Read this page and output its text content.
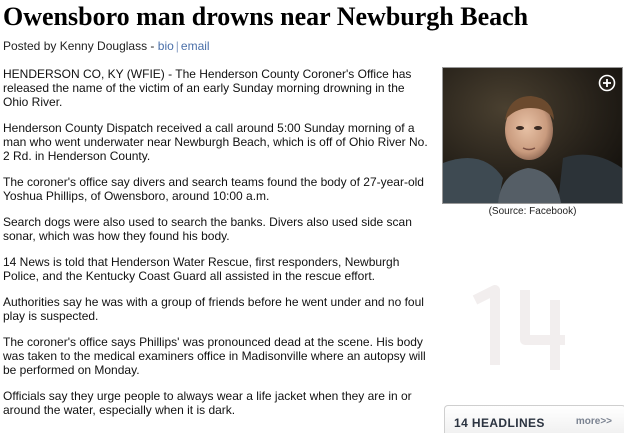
Owensboro man drowns near Newburgh Beach
Posted by Kenny Douglass - bio | email

HENDERSON CO, KY (WFIE) - The Henderson County Coroner's Office has released the name of the victim of an early Sunday morning drowning in the Ohio River.

Henderson County Dispatch received a call around 5:00 Sunday morning of a man who went underwater near Newburgh Beach, which is off of Ohio River No. 2 Rd. in Henderson County.

The coroner's office say divers and search teams found the body of 27-year-old Yoshua Phillips, of Owensboro, around 10:00 a.m.

Search dogs were also used to search the banks. Divers also used side scan sonar, which was how they found his body.

14 News is told that Henderson Water Rescue, first responders, Newburgh Police, and the Kentucky Coast Guard all assisted in the rescue effort.

Authorities say he was with a group of friends before he went under and no foul play is suspected.

The coroner's office says Phillips' was pronounced dead at the scene. His body was taken to the medical examiners office in Madisonville where an autopsy will be performed on Monday.

Officials say they urge people to always wear a life jacket when they are in or around the water, especially when it is dark.

(Source: Facebook)
14 HEADLINES	more>>
